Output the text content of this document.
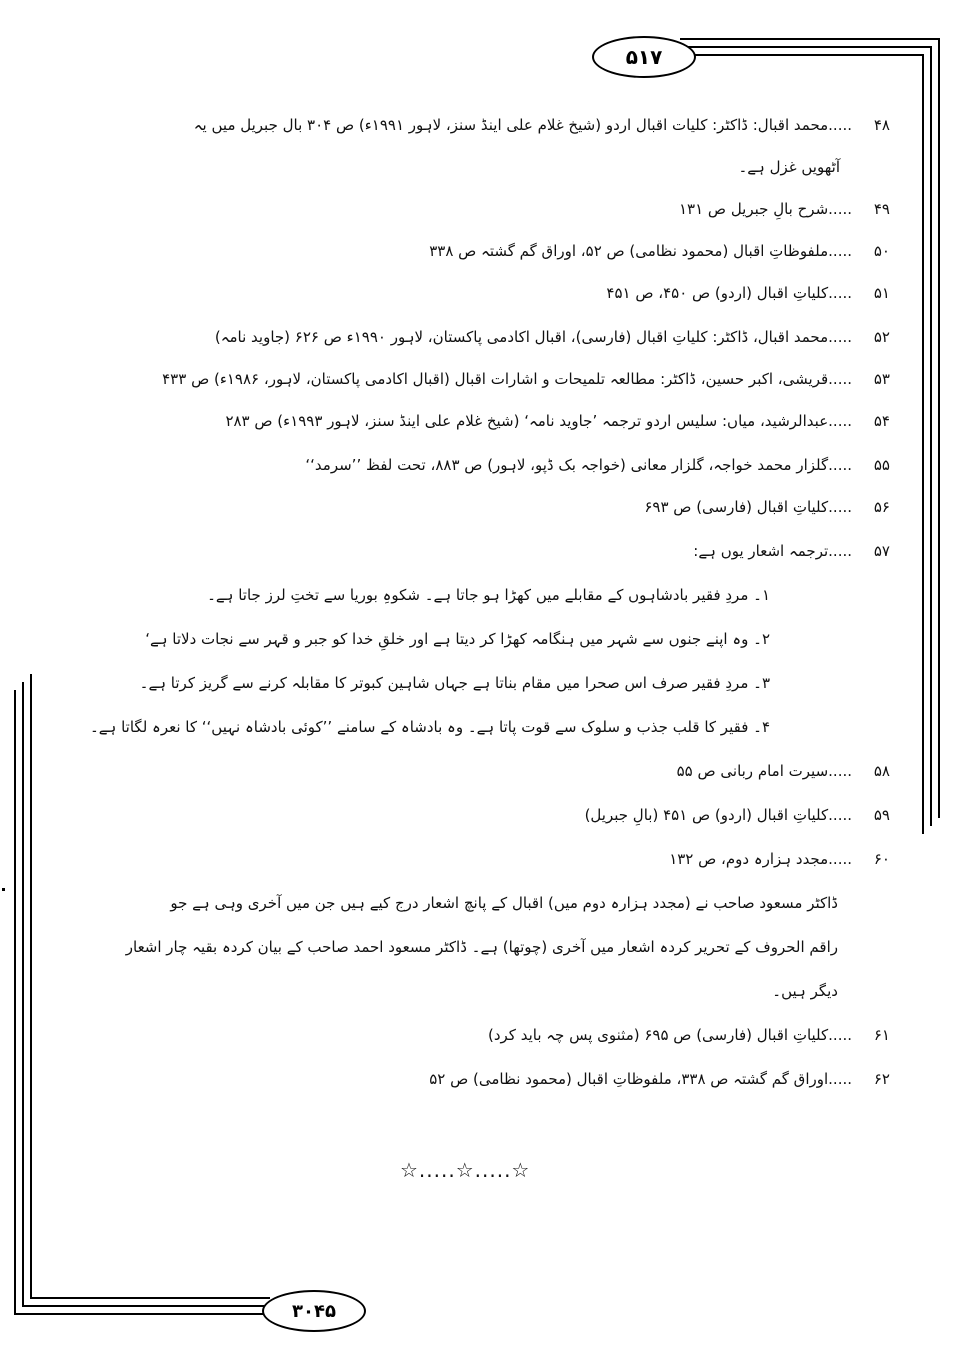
۵۱۷
۳۰۴۵
۴۸.....محمد اقبال: ڈاکٹر: کلیات اقبال اردو (شیخ غلام علی اینڈ سنز، لاہور ۱۹۹۱ء) ص ۳۰۴ بال جبریل میں یہ
آٹھویں غزل ہے۔
۴۹.....شرح بالِ جبریل ص ۱۳۱
۵۰.....ملفوظاتِ اقبال (محمود نظامی) ص ۵۲، اوراق گم گشتہ ص ۳۳۸
۵۱.....کلیاتِ اقبال (اردو) ص ۴۵۰، ص ۴۵۱
۵۲.....محمد اقبال، ڈاکٹر: کلیاتِ اقبال (فارسی)، اقبال اکادمی پاکستان، لاہور ۱۹۹۰ء ص ۶۲۶ (جاوید نامہ)
۵۳.....قریشی، اکبر حسین، ڈاکٹر: مطالعہ تلمیحات و اشارات اقبال (اقبال اکادمی پاکستان، لاہور، ۱۹۸۶ء) ص ۴۳۳
۵۴.....عبدالرشید، میاں: سلیس اردو ترجمہ ’جاوید نامہ‘ (شیخ غلام علی اینڈ سنز، لاہور ۱۹۹۳ء) ص ۲۸۳
۵۵.....گلزار محمد خواجہ، گلزار معانی (خواجہ بک ڈپو، لاہور) ص ۸۸۳، تحت لفظ ’’سرمد‘‘
۵۶.....کلیاتِ اقبال (فارسی) ص ۶۹۳
۵۷.....ترجمہ اشعار یوں ہے:
۱۔ مردِ فقیر بادشاہوں کے مقابلے میں کھڑا ہو جاتا ہے۔ شکوہِ بوریا سے تختِ لرز جاتا ہے۔
۲۔ وہ اپنے جنوں سے شہر میں ہنگامہ کھڑا کر دیتا ہے اور خلقِ خدا کو جبر و قہر سے نجات دلاتا ہے‘
۳۔ مردِ فقیر صرف اس صحرا میں مقام بناتا ہے جہاں شاہین کبوتر کا مقابلہ کرنے سے گریز کرتا ہے۔
۴۔ فقیر کا قلب جذب و سلوک سے قوت پاتا ہے۔ وہ بادشاہ کے سامنے ’’کوئی بادشاہ نہیں‘‘ کا نعرہ لگاتا ہے۔
۵۸.....سیرت امام ربانی ص ۵۵
۵۹.....کلیاتِ اقبال (اردو) ص ۴۵۱ (بالِ جبریل)
۶۰.....مجدد ہزارہ دوم، ص ۱۳۲
ڈاکٹر مسعود صاحب نے (مجدد ہزارہ دوم میں) اقبال کے پانچ اشعار درج کیے ہیں جن میں آخری وہی ہے جو
راقم الحروف کے تحریر کردہ اشعار میں آخری (چوتھا) ہے۔ ڈاکٹر مسعود احمد صاحب کے بیان کردہ بقیہ چار اشعار
دیگر ہیں۔
۶۱.....کلیاتِ اقبال (فارسی) ص ۶۹۵ (مثنوی پس چہ باید کرد)
۶۲.....اوراق گم گشتہ ص ۳۳۸، ملفوظاتِ اقبال (محمود نظامی) ص ۵۲
☆.....☆.....☆
